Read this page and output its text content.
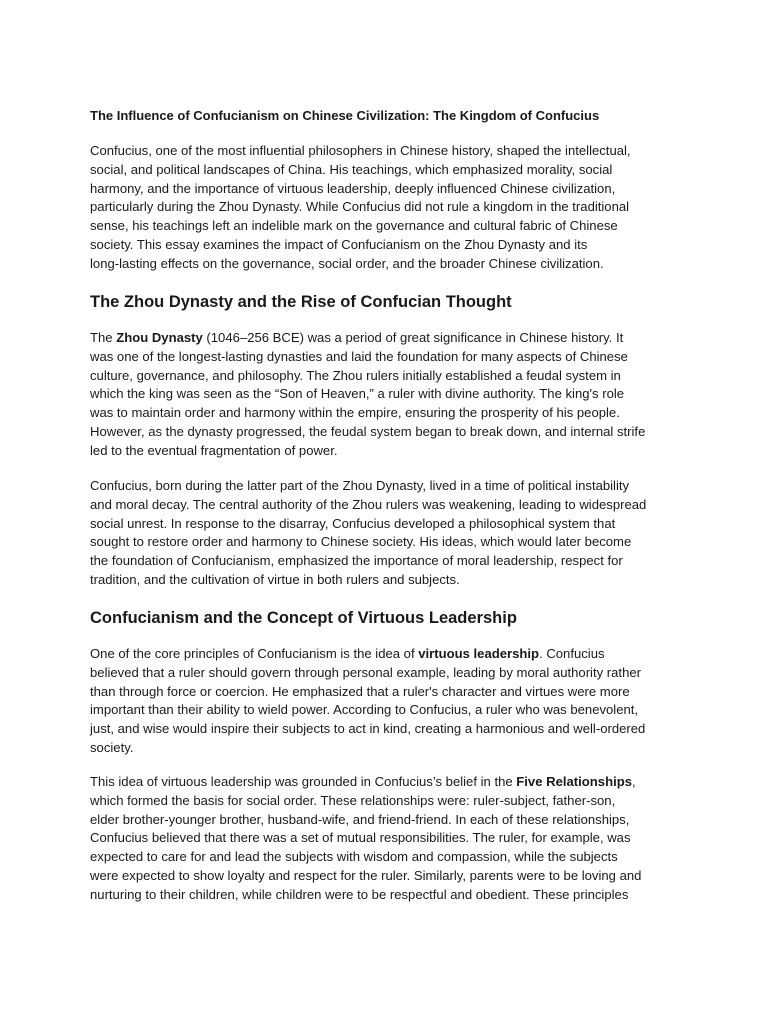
The Influence of Confucianism on Chinese Civilization: The Kingdom of Confucius

Confucius, one of the most influential philosophers in Chinese history, shaped the intellectual,
social, and political landscapes of China. His teachings, which emphasized morality, social
harmony, and the importance of virtuous leadership, deeply influenced Chinese civilization,
particularly during the Zhou Dynasty. While Confucius did not rule a kingdom in the traditional
sense, his teachings left an indelible mark on the governance and cultural fabric of Chinese
society. This essay examines the impact of Confucianism on the Zhou Dynasty and its
long-lasting effects on the governance, social order, and the broader Chinese civilization.

The Zhou Dynasty and the Rise of Confucian Thought

The Zhou Dynasty (1046–256 BCE) was a period of great significance in Chinese history. It
was one of the longest-lasting dynasties and laid the foundation for many aspects of Chinese
culture, governance, and philosophy. The Zhou rulers initially established a feudal system in
which the king was seen as the “Son of Heaven,” a ruler with divine authority. The king's role
was to maintain order and harmony within the empire, ensuring the prosperity of his people.
However, as the dynasty progressed, the feudal system began to break down, and internal strife
led to the eventual fragmentation of power.

Confucius, born during the latter part of the Zhou Dynasty, lived in a time of political instability
and moral decay. The central authority of the Zhou rulers was weakening, leading to widespread
social unrest. In response to the disarray, Confucius developed a philosophical system that
sought to restore order and harmony to Chinese society. His ideas, which would later become
the foundation of Confucianism, emphasized the importance of moral leadership, respect for
tradition, and the cultivation of virtue in both rulers and subjects.

Confucianism and the Concept of Virtuous Leadership

One of the core principles of Confucianism is the idea of virtuous leadership. Confucius
believed that a ruler should govern through personal example, leading by moral authority rather
than through force or coercion. He emphasized that a ruler's character and virtues were more
important than their ability to wield power. According to Confucius, a ruler who was benevolent,
just, and wise would inspire their subjects to act in kind, creating a harmonious and well-ordered
society.

This idea of virtuous leadership was grounded in Confucius’s belief in the Five Relationships,
which formed the basis for social order. These relationships were: ruler-subject, father-son,
elder brother-younger brother, husband-wife, and friend-friend. In each of these relationships,
Confucius believed that there was a set of mutual responsibilities. The ruler, for example, was
expected to care for and lead the subjects with wisdom and compassion, while the subjects
were expected to show loyalty and respect for the ruler. Similarly, parents were to be loving and
nurturing to their children, while children were to be respectful and obedient. These principles
